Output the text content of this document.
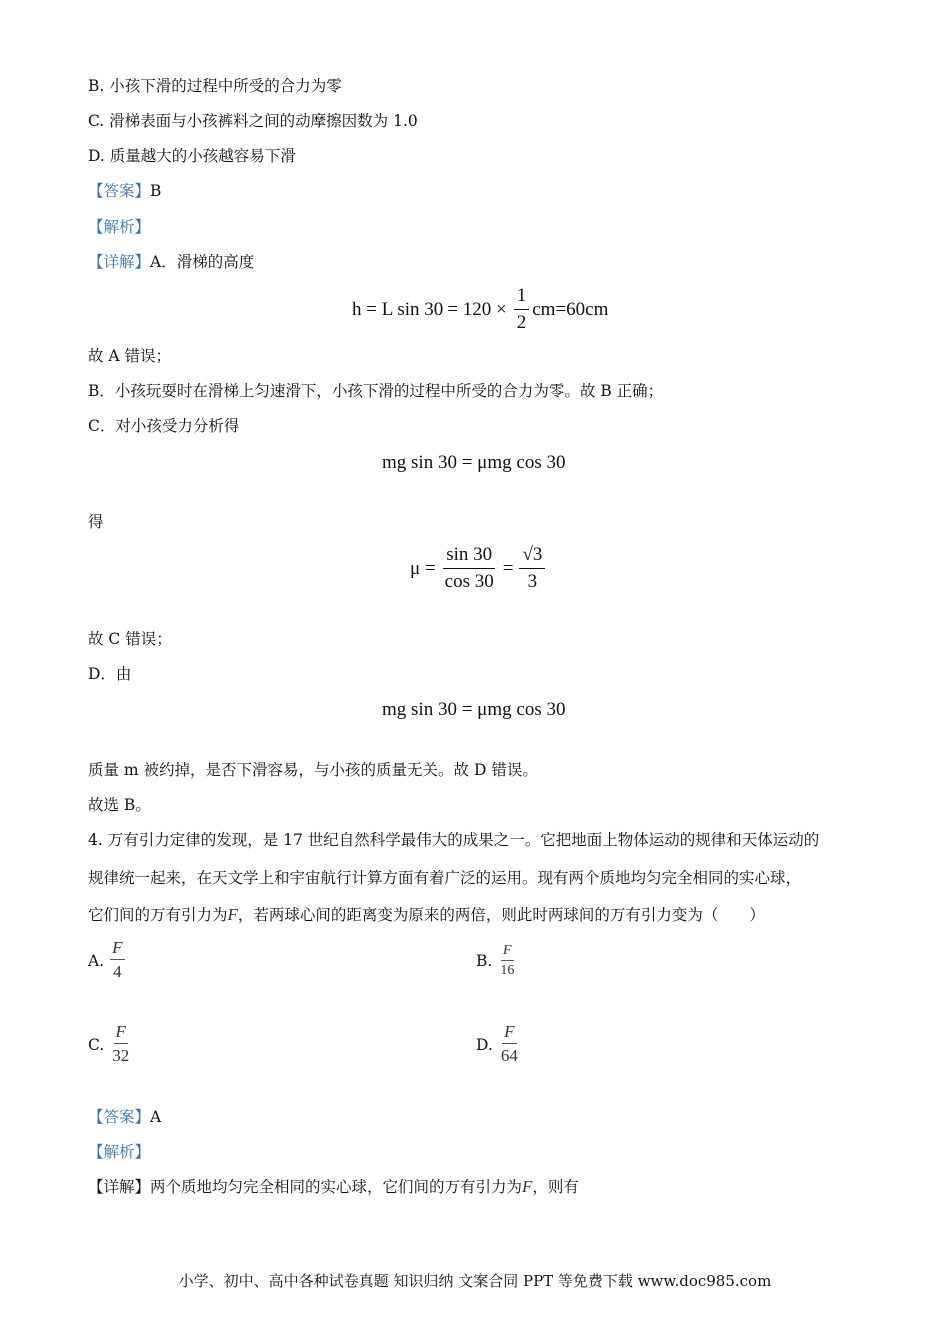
B. 小孩下滑的过程中所受的合力为零
C. 滑梯表面与小孩裤料之间的动摩擦因数为 1.0
D. 质量越大的小孩越容易下滑
【答案】B
【解析】
【详解】A．滑梯的高度
h = L $\sin 30 = 120 \times \frac{1}{2} cm=60cm$
故 A 错误；
B．小孩玩耍时在滑梯上匀速滑下，小孩下滑的过程中所受的合力为零。故 B 正确；
C．对小孩受力分析得
mg sin 30 = μmg cos 30
得
$\mu = \frac{\sin 30}{\cos 30} = \frac{√3}{3}$
故 C 错误；
D．由
mg sin 30 = μmg cos 30
质量 m 被约掉，是否下滑容易，与小孩的质量无关。故 D 错误。
故选 B。
4. 万有引力定律的发现，是 17 世纪自然科学最伟大的成果之一。它把地面上物体运动的规律和天体运动的
规律统一起来，在天文学上和宇宙航行计算方面有着广泛的运用。现有两个质地均匀完全相同的实心球，
它们间的万有引力为F，若两球心间的距离变为原来的两倍，则此时两球间的万有引力变为（　　）
A. $\frac{F}{4}$	B. $\frac{F}{16}$
C. $\frac{F}{32}$	D. $\frac{F}{64}$
【答案】A
【解析】
【详解】两个质地均匀完全相同的实心球，它们间的万有引力为F，则有
小学、初中、高中各种试卷真题 知识归纳 文案合同 PPT 等免费下载 www.doc985.com
